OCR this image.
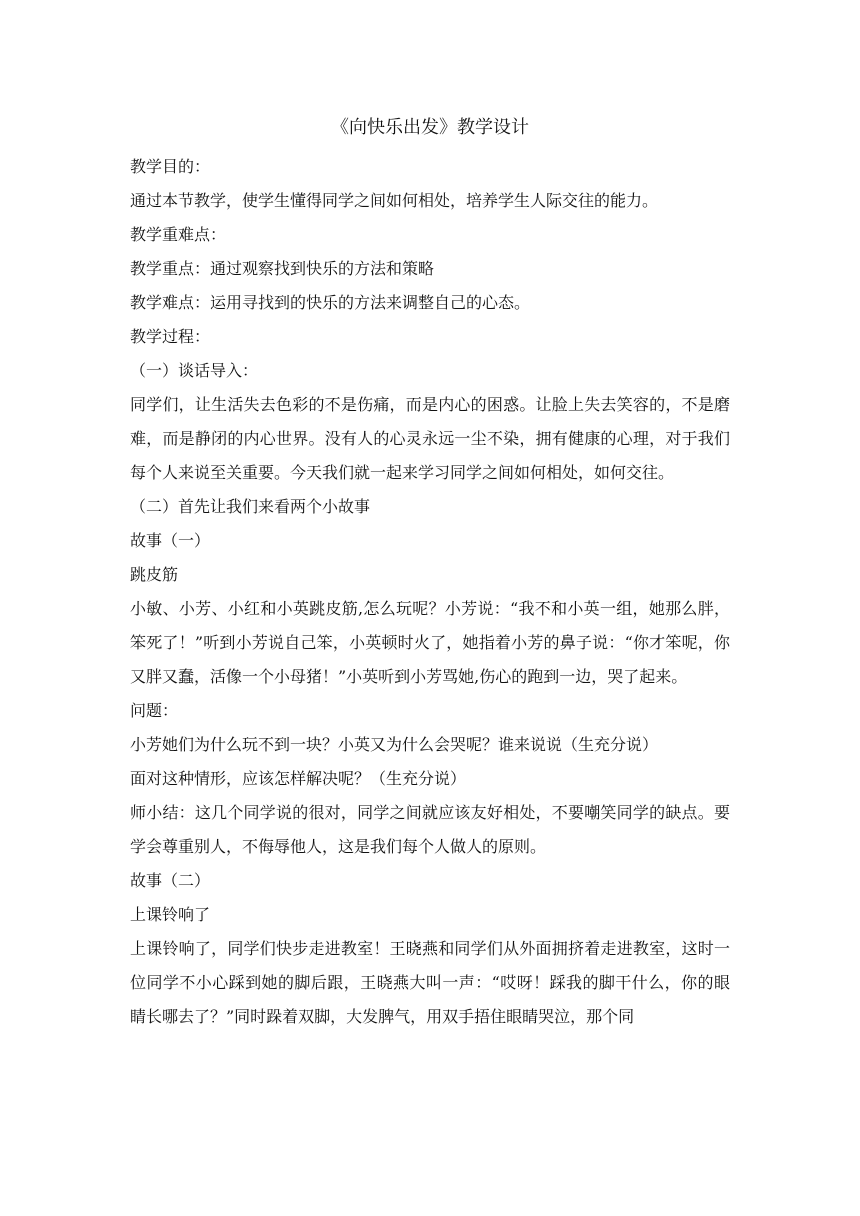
《向快乐出发》教学设计

教学目的：

通过本节教学，使学生懂得同学之间如何相处，培养学生人际交往的能力。

教学重难点：

教学重点：通过观察找到快乐的方法和策略

教学难点：运用寻找到的快乐的方法来调整自己的心态。

教学过程：

（一）谈话导入：

同学们，让生活失去色彩的不是伤痛，而是内心的困惑。让脸上失去笑容的，不是磨难，而是静闭的内心世界。没有人的心灵永远一尘不染，拥有健康的心理，对于我们每个人来说至关重要。今天我们就一起来学习同学之间如何相处，如何交往。

（二）首先让我们来看两个小故事

故事（一）

跳皮筋

小敏、小芳、小红和小英跳皮筋,怎么玩呢？小芳说：“我不和小英一组，她那么胖，笨死了！”听到小芳说自己笨，小英顿时火了，她指着小芳的鼻子说：“你才笨呢，你又胖又蠢，活像一个小母猪！”小英听到小芳骂她,伤心的跑到一边，哭了起来。

问题：

小芳她们为什么玩不到一块？小英又为什么会哭呢？谁来说说（生充分说）

面对这种情形，应该怎样解决呢？（生充分说）

师小结：这几个同学说的很对，同学之间就应该友好相处，不要嘲笑同学的缺点。要学会尊重别人，不侮辱他人，这是我们每个人做人的原则。

故事（二）

上课铃响了

上课铃响了，同学们快步走进教室！王晓燕和同学们从外面拥挤着走进教室，这时一位同学不小心踩到她的脚后跟，王晓燕大叫一声：“哎呀！踩我的脚干什么，你的眼睛长哪去了？”同时跺着双脚，大发脾气，用双手捂住眼睛哭泣，那个同
